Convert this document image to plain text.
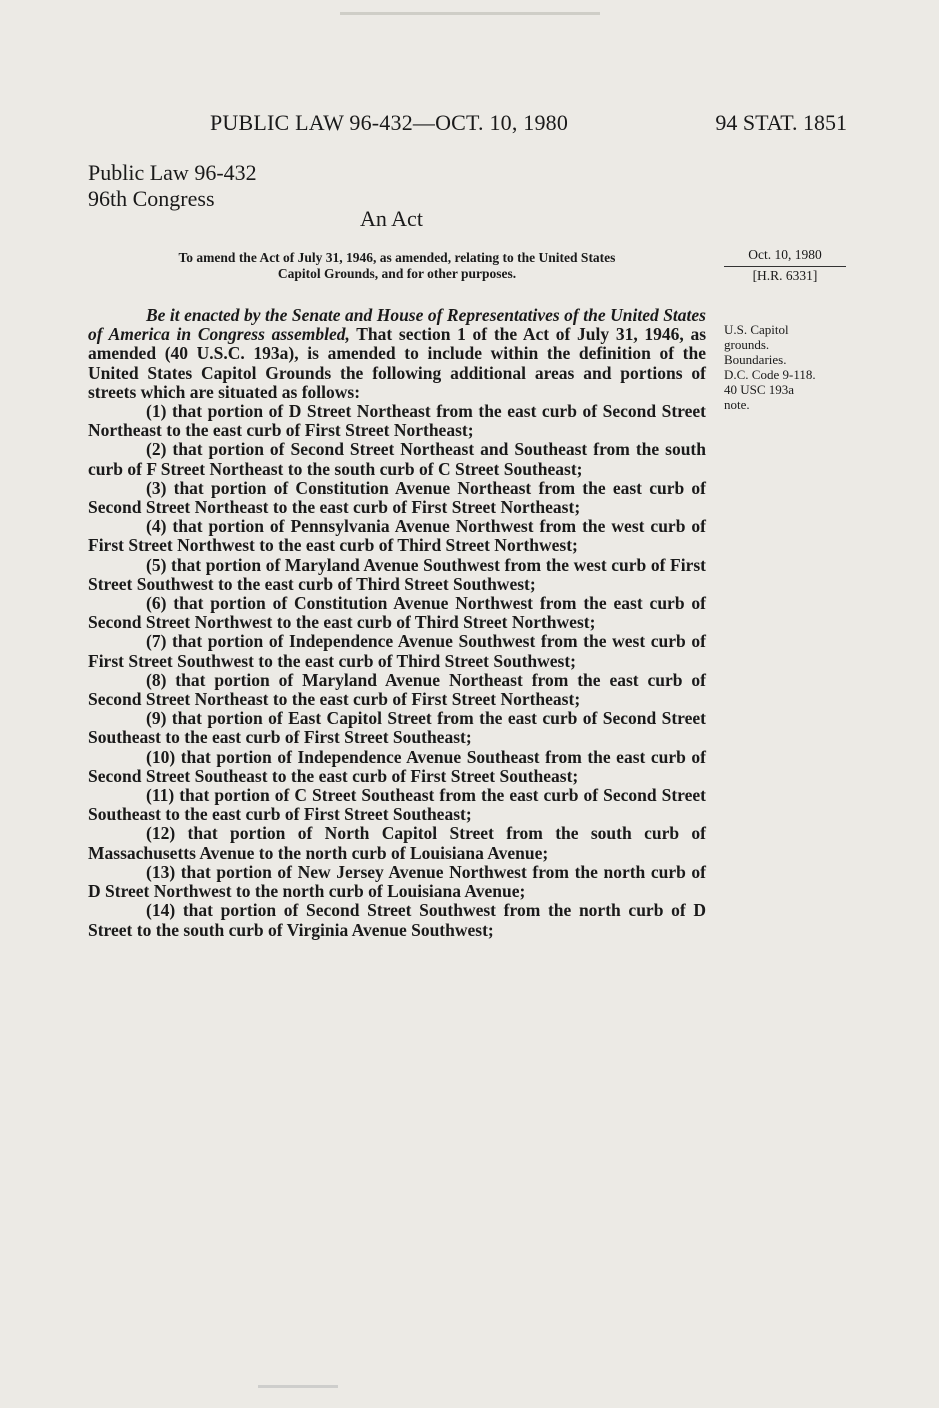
PUBLIC LAW 96-432—OCT. 10, 1980	94 STAT. 1851
Public Law 96-432
96th Congress
An Act
To amend the Act of July 31, 1946, as amended, relating to the United States
Capitol Grounds, and for other purposes.
Oct. 10, 1980
[H.R. 6331]
U.S. Capitol
grounds.
Boundaries.
D.C. Code 9-118.
40 USC 193a
note.

Be it enacted by the Senate and House of Representatives of the United States of America in Congress assembled, That section 1 of the Act of July 31, 1946, as amended (40 U.S.C. 193a), is amended to include within the definition of the United States Capitol Grounds the following additional areas and portions of streets which are situated as follows:

(1) that portion of D Street Northeast from the east curb of Second Street Northeast to the east curb of First Street Northeast;

(2) that portion of Second Street Northeast and Southeast from the south curb of F Street Northeast to the south curb of C Street Southeast;

(3) that portion of Constitution Avenue Northeast from the east curb of Second Street Northeast to the east curb of First Street Northeast;

(4) that portion of Pennsylvania Avenue Northwest from the west curb of First Street Northwest to the east curb of Third Street Northwest;

(5) that portion of Maryland Avenue Southwest from the west curb of First Street Southwest to the east curb of Third Street Southwest;

(6) that portion of Constitution Avenue Northwest from the east curb of Second Street Northwest to the east curb of Third Street Northwest;

(7) that portion of Independence Avenue Southwest from the west curb of First Street Southwest to the east curb of Third Street Southwest;

(8) that portion of Maryland Avenue Northeast from the east curb of Second Street Northeast to the east curb of First Street Northeast;

(9) that portion of East Capitol Street from the east curb of Second Street Southeast to the east curb of First Street Southeast;

(10) that portion of Independence Avenue Southeast from the east curb of Second Street Southeast to the east curb of First Street Southeast;

(11) that portion of C Street Southeast from the east curb of Second Street Southeast to the east curb of First Street Southeast;

(12) that portion of North Capitol Street from the south curb of Massachusetts Avenue to the north curb of Louisiana Avenue;

(13) that portion of New Jersey Avenue Northwest from the north curb of D Street Northwest to the north curb of Louisiana Avenue;

(14) that portion of Second Street Southwest from the north curb of D Street to the south curb of Virginia Avenue Southwest;
